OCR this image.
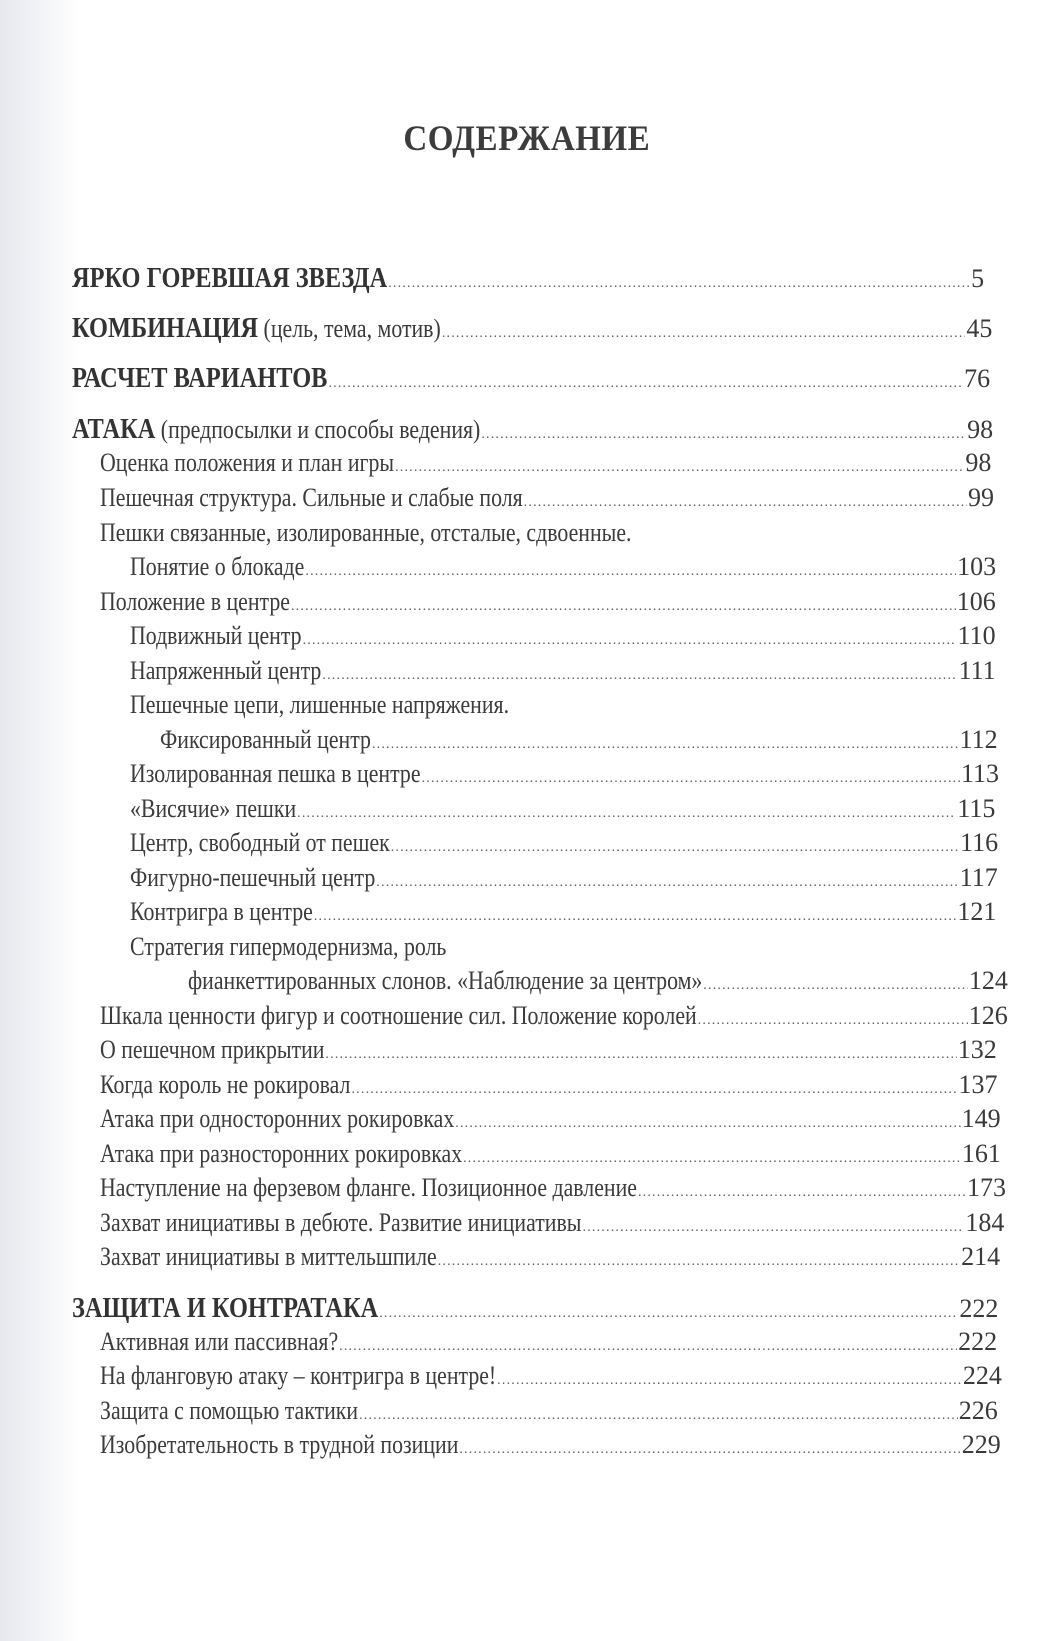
СОДЕРЖАНИЕ
ЯРКО ГОРЕВШАЯ ЗВЕЗДА .....	5
КОМБИНАЦИЯ (цель, тема, мотив) .....	45
РАСЧЕТ ВАРИАНТОВ .....	76
АТАКА (предпосылки и способы ведения) .....	98
Оценка положения и план игры .....	98
Пешечная структура. Сильные и слабые поля .....	99
Пешки связанные, изолированные, отсталые, сдвоенные.
Понятие о блокаде .....	103
Положение в центре .....	106
Подвижный центр .....	110
Напряженный центр .....	111
Пешечные цепи, лишенные напряжения.
Фиксированный центр .....	112
Изолированная пешка в центре .....	113
«Висячие» пешки .....	115
Центр, свободный от пешек .....	116
Фигурно-пешечный центр .....	117
Контригра в центре .....	121
Стратегия гипермодернизма, роль
фианкеттированных слонов. «Наблюдение за центром» .....	124
Шкала ценности фигур и соотношение сил. Положение королей .....	126
О пешечном прикрытии .....	132
Когда король не рокировал .....	137
Атака при односторонних рокировках .....	149
Атака при разносторонних рокировках .....	161
Наступление на ферзевом фланге. Позиционное давление .....	173
Захват инициативы в дебюте. Развитие инициативы .....	184
Захват инициативы в миттельшпиле .....	214
ЗАЩИТА И КОНТРАТАКА .....	222
Активная или пассивная? .....	222
На фланговую атаку – контригра в центре! .....	224
Защита с помощью тактики .....	226
Изобретательность в трудной позиции .....	229
